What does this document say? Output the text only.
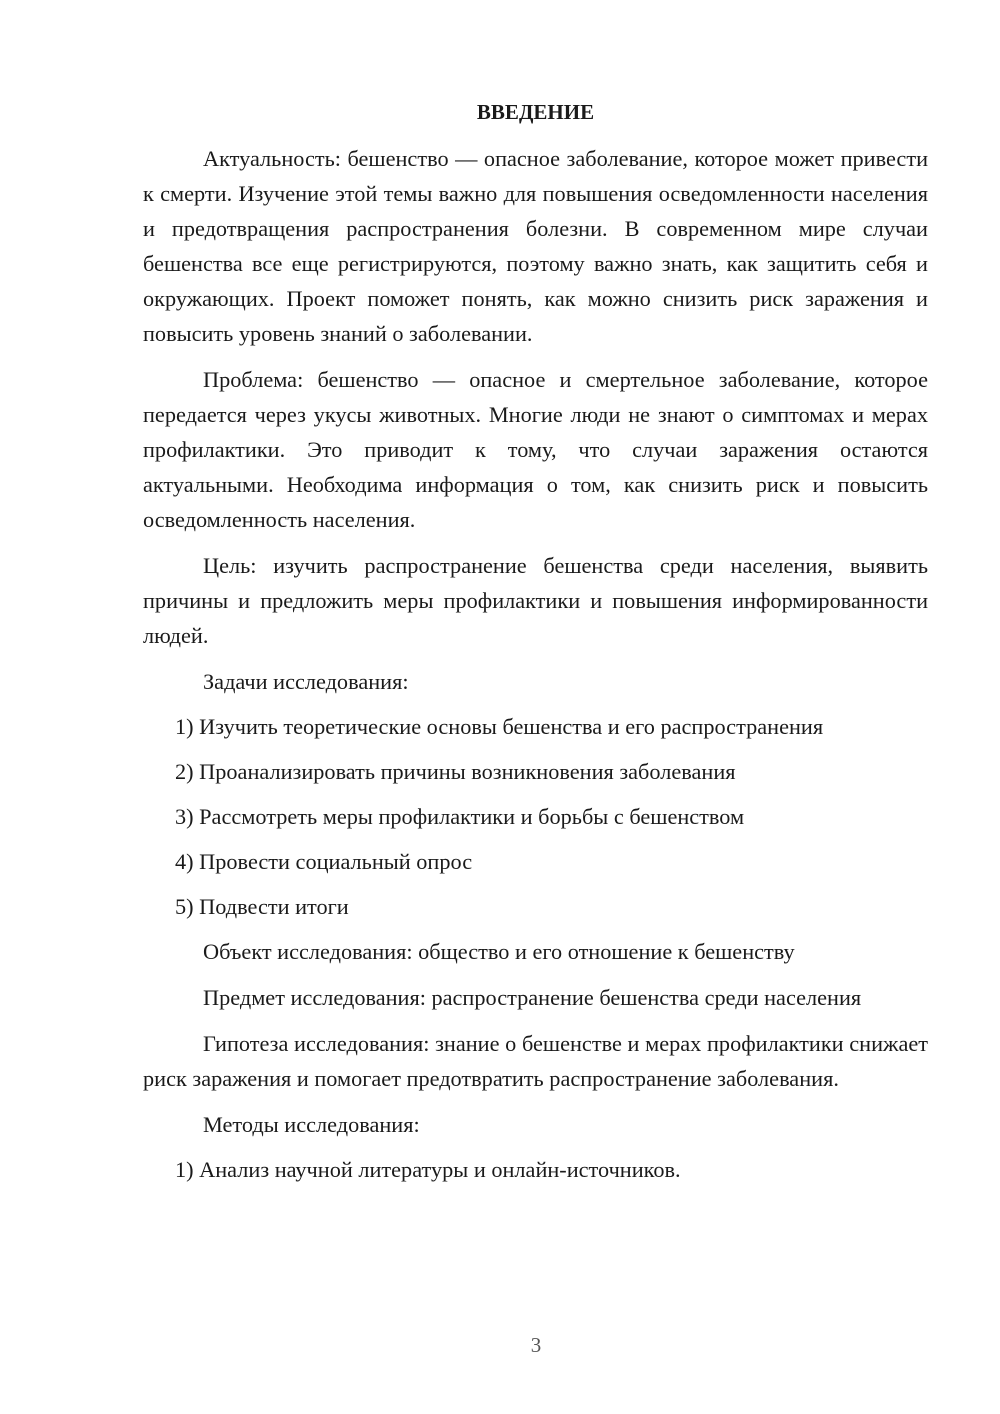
ВВЕДЕНИЕ

Актуальность: бешенство — опасное заболевание, которое может привести к смерти. Изучение этой темы важно для повышения осведомленности населения и предотвращения распространения болезни. В современном мире случаи бешенства все еще регистрируются, поэтому важно знать, как защитить себя и окружающих. Проект поможет понять, как можно снизить риск заражения и повысить уровень знаний о заболевании.

Проблема: бешенство — опасное и смертельное заболевание, которое передается через укусы животных. Многие люди не знают о симптомах и мерах профилактики. Это приводит к тому, что случаи заражения остаются актуальными. Необходима информация о том, как снизить риск и повысить осведомленность населения.

Цель: изучить распространение бешенства среди населения, выявить причины и предложить меры профилактики и повышения информированности людей.

Задачи исследования:

1) Изучить теоретические основы бешенства и его распространения

2) Проанализировать причины возникновения заболевания

3) Рассмотреть меры профилактики и борьбы с бешенством

4) Провести социальный опрос

5) Подвести итоги

Объект исследования: общество и его отношение к бешенству

Предмет исследования: распространение бешенства среди населения

Гипотеза исследования: знание о бешенстве и мерах профилактики снижает риск заражения и помогает предотвратить распространение заболевания.

Методы исследования:

1) Анализ научной литературы и онлайн-источников.

3
